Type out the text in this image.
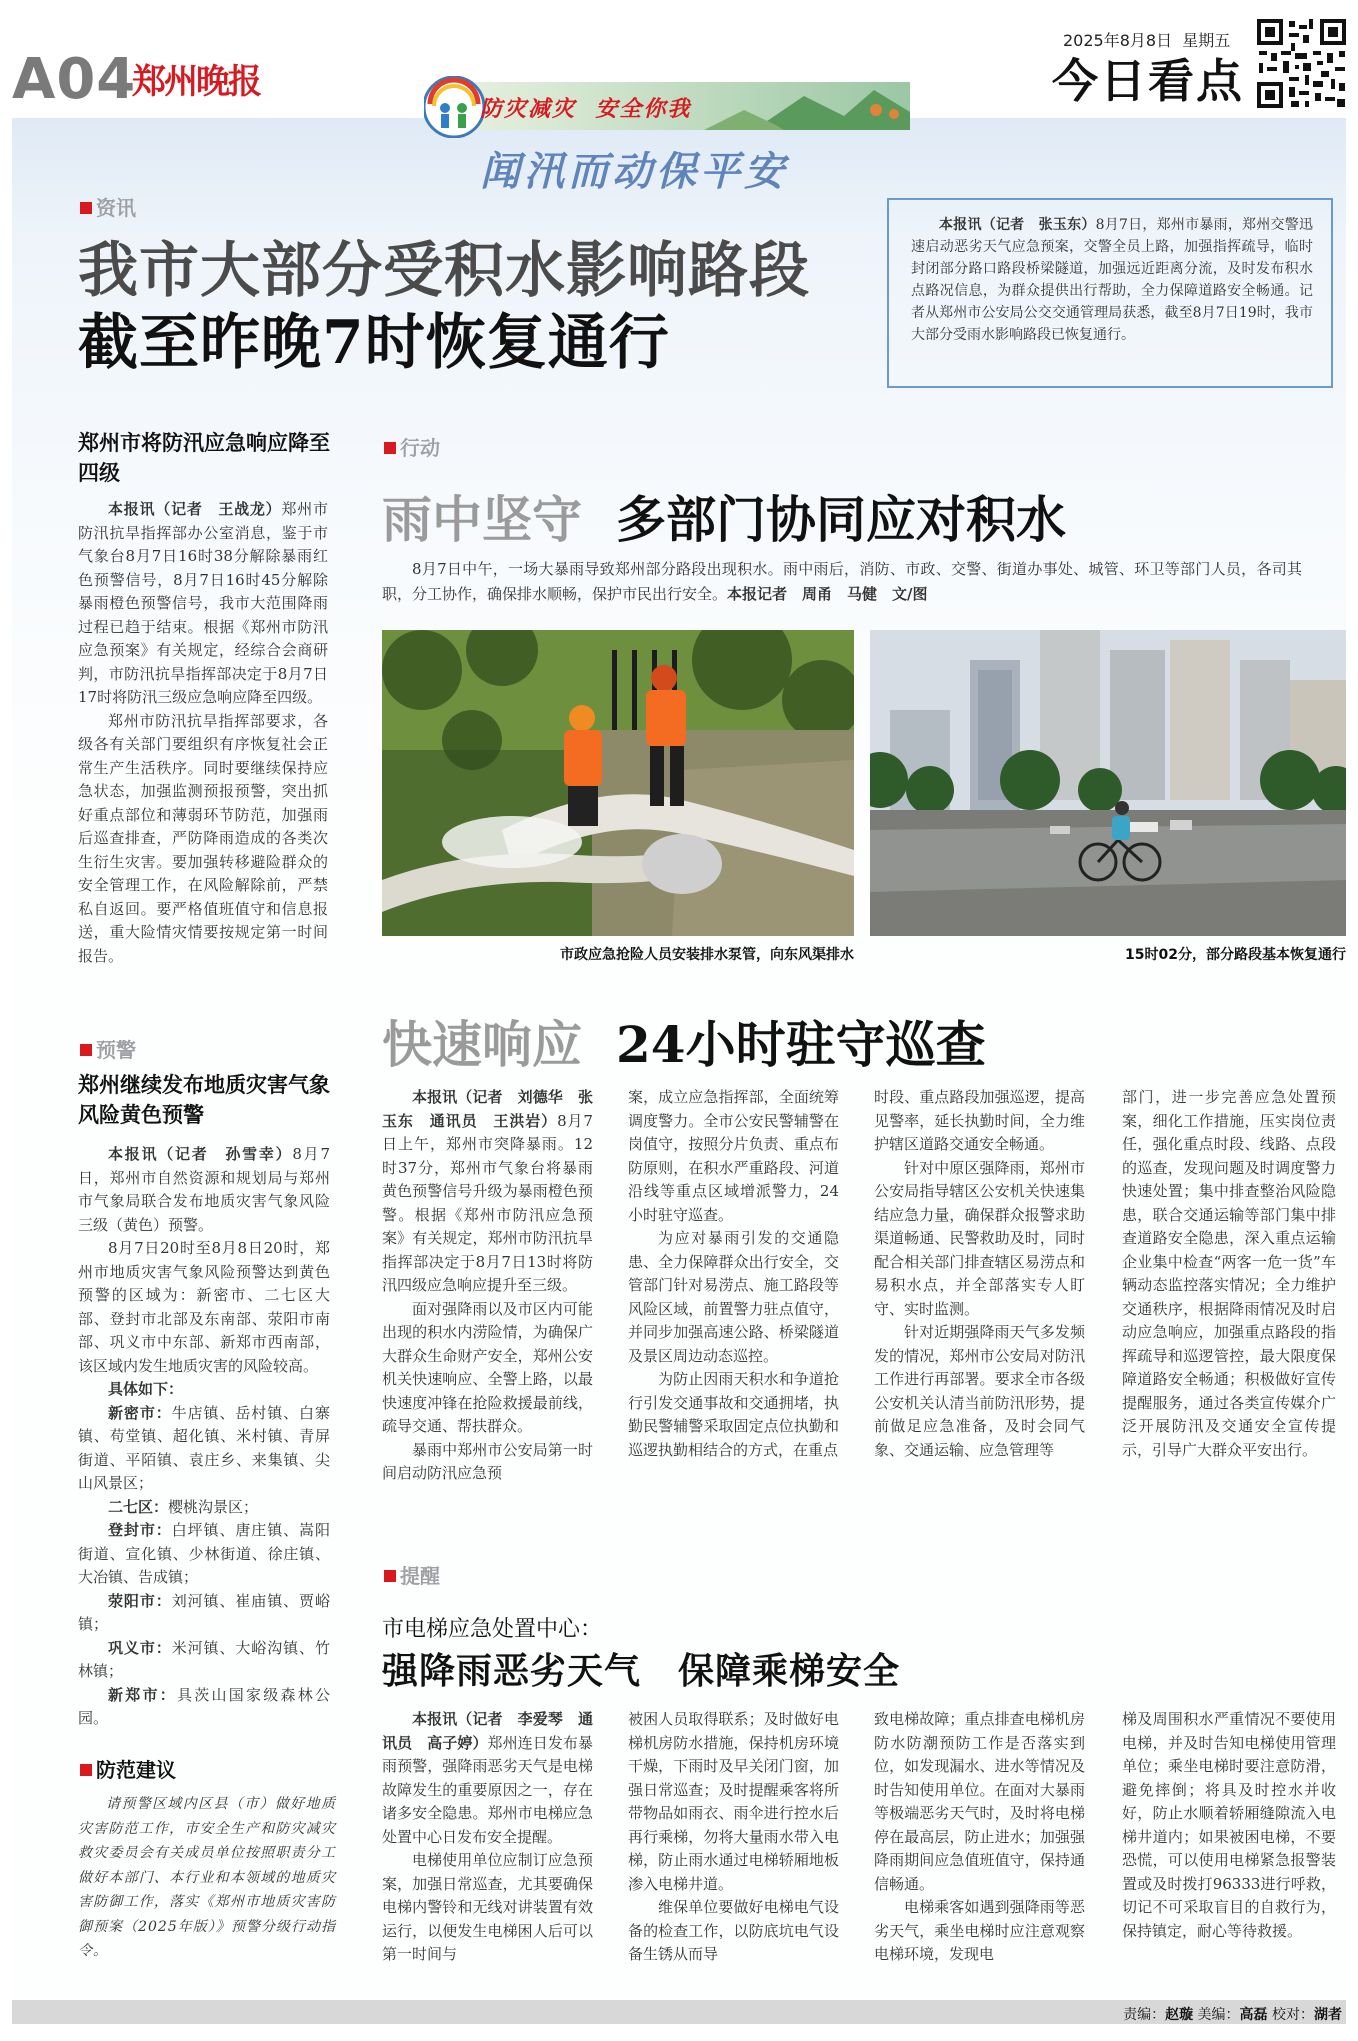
A04
郑州晚报
2025年8月8日 星期五
今日看点
防灾减灾 安全你我
闻汛而动保平安
资讯
我市大部分受积水影响路段
截至昨晚7时恢复通行

本报讯（记者　张玉东）8月7日，郑州市暴雨，郑州交警迅速启动恶劣天气应急预案，交警全员上路，加强指挥疏导，临时封闭部分路口路段桥梁隧道，加强远近距离分流，及时发布积水点路况信息，为群众提供出行帮助，全力保障道路安全畅通。记者从郑州市公安局公交交通管理局获悉，截至8月7日19时，我市大部分受雨水影响路段已恢复通行。

郑州市将防汛应急响应降至四级

本报讯（记者　王战龙）郑州市防汛抗旱指挥部办公室消息，鉴于市气象台8月7日16时38分解除暴雨红色预警信号，8月7日16时45分解除暴雨橙色预警信号，我市大范围降雨过程已趋于结束。根据《郑州市防汛应急预案》有关规定，经综合会商研判，市防汛抗旱指挥部决定于8月7日17时将防汛三级应急响应降至四级。

郑州市防汛抗旱指挥部要求，各级各有关部门要组织有序恢复社会正常生产生活秩序。同时要继续保持应急状态，加强监测预报预警，突出抓好重点部位和薄弱环节防范，加强雨后巡查排查，严防降雨造成的各类次生衍生灾害。要加强转移避险群众的安全管理工作，在风险解除前，严禁私自返回。要严格值班值守和信息报送，重大险情灾情要按规定第一时间报告。

预警
郑州继续发布地质灾害气象风险黄色预警

本报讯（记者　孙雪幸）8月7日，郑州市自然资源和规划局与郑州市气象局联合发布地质灾害气象风险三级（黄色）预警。

8月7日20时至8月8日20时，郑州市地质灾害气象风险预警达到黄色预警的区域为：新密市、二七区大部、登封市北部及东南部、荥阳市南部、巩义市中东部、新郑市西南部，该区域内发生地质灾害的风险较高。

具体如下：

新密市：牛店镇、岳村镇、白寨镇、苟堂镇、超化镇、米村镇、青屏街道、平陌镇、袁庄乡、来集镇、尖山风景区；

二七区：樱桃沟景区；

登封市：白坪镇、唐庄镇、嵩阳街道、宣化镇、少林街道、徐庄镇、大冶镇、告成镇；

荥阳市：刘河镇、崔庙镇、贾峪镇；

巩义市：米河镇、大峪沟镇、竹林镇；

新郑市：具茨山国家级森林公园。

防范建议

请预警区域内区县（市）做好地质灾害防范工作，市安全生产和防灾减灾救灾委员会有关成员单位按照职责分工做好本部门、本行业和本领域的地质灾害防御工作，落实《郑州市地质灾害防御预案（2025年版）》预警分级行动指令。

行动
雨中坚守 多部门协同应对积水
8月7日中午，一场大暴雨导致郑州部分路段出现积水。雨中雨后，消防、市政、交警、街道办事处、城管、环卫等部门人员，各司其职，分工协作，确保排水顺畅，保护市民出行安全。本报记者　周甬　马健　文/图
市政应急抢险人员安装排水泵管，向东风渠排水	15时02分，部分路段基本恢复通行
快速响应 24小时驻守巡查

本报讯（记者　刘德华　张玉东　通讯员　王洪岩）8月7日上午，郑州市突降暴雨。12时37分，郑州市气象台将暴雨黄色预警信号升级为暴雨橙色预警。根据《郑州市防汛应急预案》有关规定，郑州市防汛抗旱指挥部决定于8月7日13时将防汛四级应急响应提升至三级。

面对强降雨以及市区内可能出现的积水内涝险情，为确保广大群众生命财产安全，郑州公安机关快速响应、全警上路，以最快速度冲锋在抢险救援最前线，疏导交通、帮扶群众。

暴雨中郑州市公安局第一时间启动防汛应急预

案，成立应急指挥部，全面统筹调度警力。全市公安民警辅警在岗值守，按照分片负责、重点布防原则，在积水严重路段、河道沿线等重点区域增派警力，24小时驻守巡查。

为应对暴雨引发的交通隐患、全力保障群众出行安全，交管部门针对易涝点、施工路段等风险区域，前置警力驻点值守，并同步加强高速公路、桥梁隧道及景区周边动态巡控。

为防止因雨天积水和争道抢行引发交通事故和交通拥堵，执勤民警辅警采取固定点位执勤和巡逻执勤相结合的方式，在重点

时段、重点路段加强巡逻，提高见警率，延长执勤时间，全力维护辖区道路交通安全畅通。

针对中原区强降雨，郑州市公安局指导辖区公安机关快速集结应急力量，确保群众报警求助渠道畅通、民警救助及时，同时配合相关部门排查辖区易涝点和易积水点，并全部落实专人盯守、实时监测。

针对近期强降雨天气多发频发的情况，郑州市公安局对防汛工作进行再部署。要求全市各级公安机关认清当前防汛形势，提前做足应急准备，及时会同气象、交通运输、应急管理等

部门，进一步完善应急处置预案，细化工作措施，压实岗位责任，强化重点时段、线路、点段的巡查，发现问题及时调度警力快速处置；集中排查整治风险隐患，联合交通运输等部门集中排查道路安全隐患，深入重点运输企业集中检查“两客一危一货”车辆动态监控落实情况；全力维护交通秩序，根据降雨情况及时启动应急响应，加强重点路段的指挥疏导和巡逻管控，最大限度保障道路安全畅通；积极做好宣传提醒服务，通过各类宣传媒介广泛开展防汛及交通安全宣传提示，引导广大群众平安出行。

提醒
市电梯应急处置中心：
强降雨恶劣天气　保障乘梯安全

本报讯（记者　李爱琴　通讯员　高子婷）郑州连日发布暴雨预警，强降雨恶劣天气是电梯故障发生的重要原因之一，存在诸多安全隐患。郑州市电梯应急处置中心日发布安全提醒。

电梯使用单位应制订应急预案，加强日常巡查，尤其要确保电梯内警铃和无线对讲装置有效运行，以便发生电梯困人后可以第一时间与

被困人员取得联系；及时做好电梯机房防水措施，保持机房环境干燥，下雨时及早关闭门窗，加强日常巡查；及时提醒乘客将所带物品如雨衣、雨伞进行控水后再行乘梯，勿将大量雨水带入电梯，防止雨水通过电梯轿厢地板渗入电梯井道。

维保单位要做好电梯电气设备的检查工作，以防底坑电气设备生锈从而导

致电梯故障；重点排查电梯机房防水防潮预防工作是否落实到位，如发现漏水、进水等情况及时告知使用单位。在面对大暴雨等极端恶劣天气时，及时将电梯停在最高层，防止进水；加强强降雨期间应急值班值守，保持通信畅通。

电梯乘客如遇到强降雨等恶劣天气，乘坐电梯时应注意观察电梯环境，发现电

梯及周围积水严重情况不要使用电梯，并及时告知电梯使用管理单位；乘坐电梯时要注意防滑，避免摔倒；将具及时控水并收好，防止水顺着轿厢缝隙流入电梯井道内；如果被困电梯，不要恐慌，可以使用电梯紧急报警装置或及时拨打96333进行呼救，切记不可采取盲目的自救行为，保持镇定，耐心等待救援。

责编：赵璇 美编：高磊 校对：湖者
